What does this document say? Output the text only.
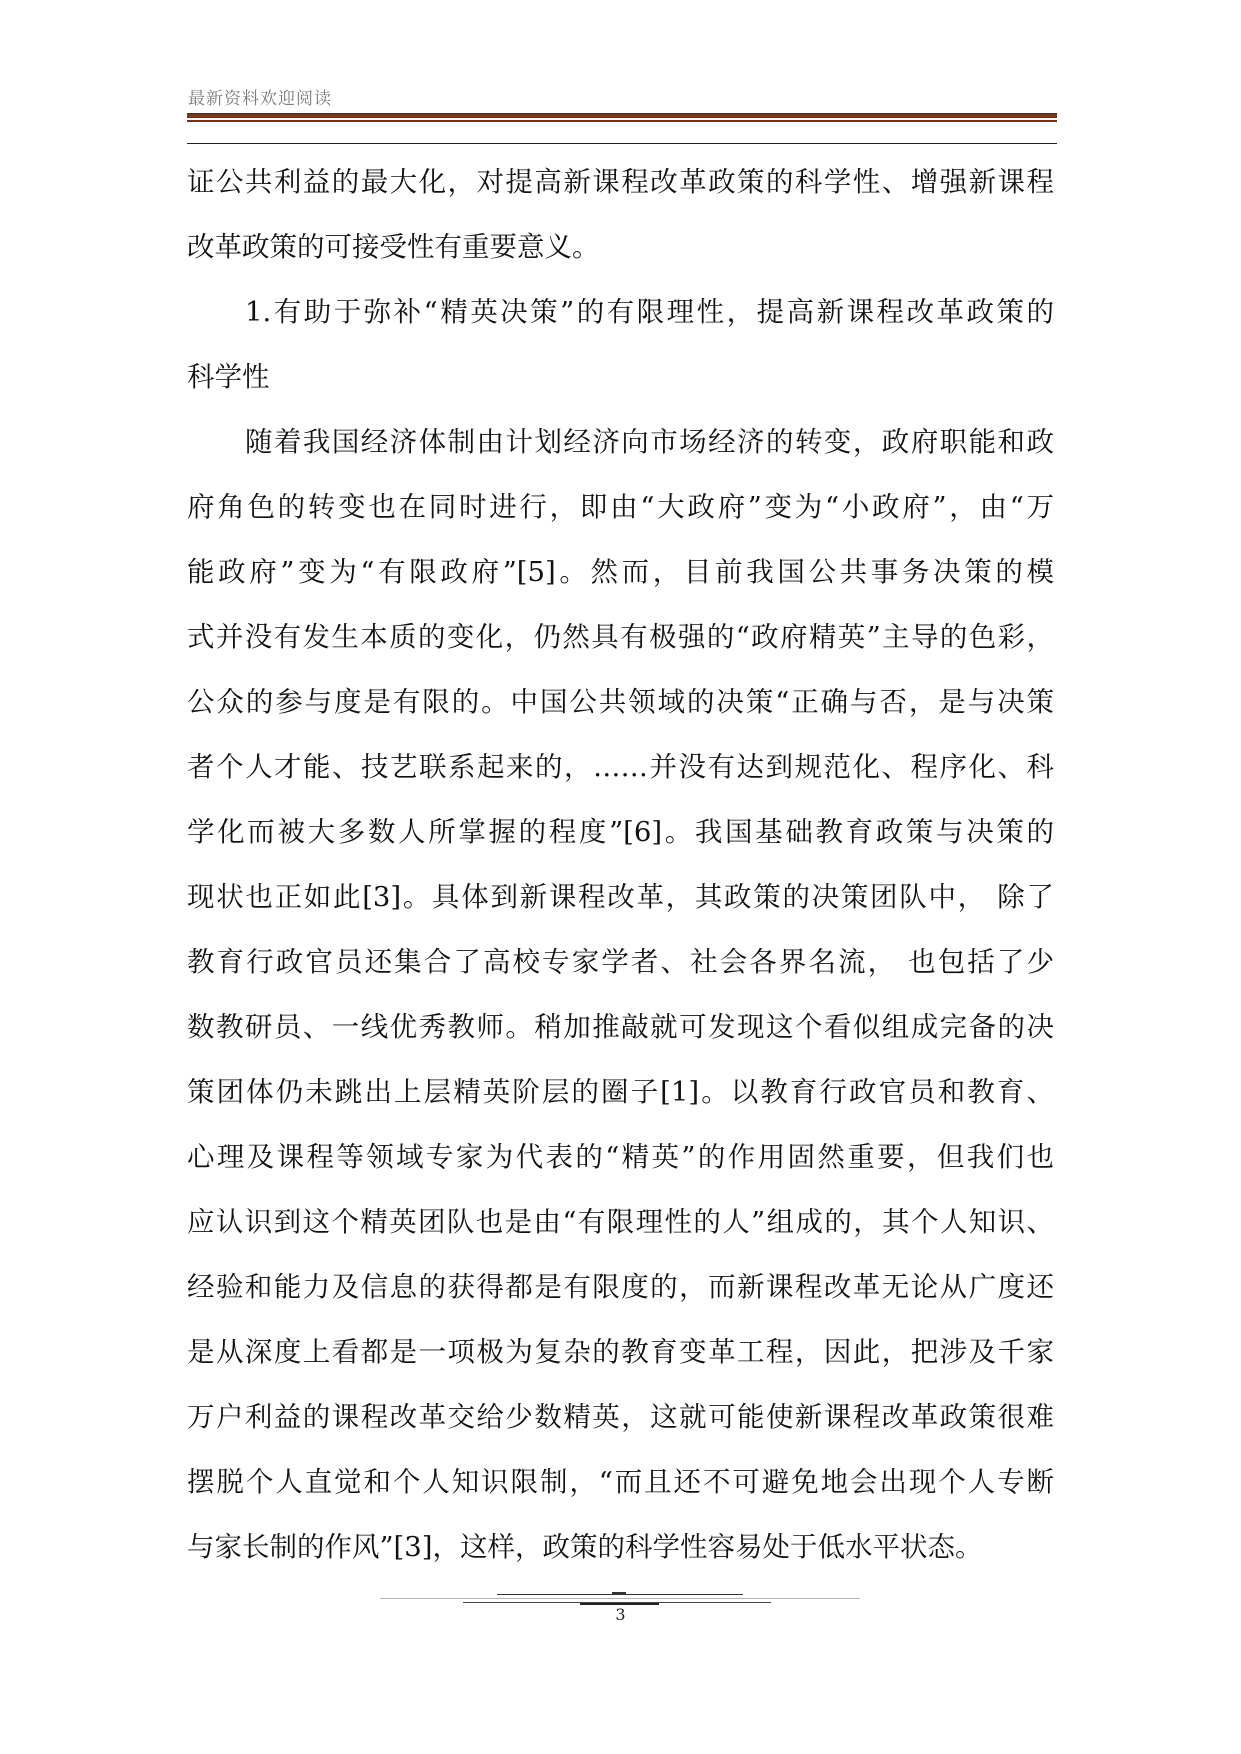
最新资料欢迎阅读
证公共利益的最大化，对提高新课程改革政策的科学性、增强新课程
改革政策的可接受性有重要意义。
1.有助于弥补“精英决策”的有限理性，提高新课程改革政策的
科学性
随着我国经济体制由计划经济向市场经济的转变，政府职能和政
府角色的转变也在同时进行，即由“大政府”变为“小政府”，由“万
能政府”变为“有限政府”[5]。然而，目前我国公共事务决策的模
式并没有发生本质的变化，仍然具有极强的“政府精英”主导的色彩，
公众的参与度是有限的。中国公共领域的决策“正确与否，是与决策
者个人才能、技艺联系起来的，……并没有达到规范化、程序化、科
学化而被大多数人所掌握的程度”[6]。我国基础教育政策与决策的
现状也正如此[3]。具体到新课程改革，其政策的决策团队中， 除了
教育行政官员还集合了高校专家学者、社会各界名流， 也包括了少
数教研员、一线优秀教师。稍加推敲就可发现这个看似组成完备的决
策团体仍未跳出上层精英阶层的圈子[1]。以教育行政官员和教育、
心理及课程等领域专家为代表的“精英”的作用固然重要，但我们也
应认识到这个精英团队也是由“有限理性的人”组成的，其个人知识、
经验和能力及信息的获得都是有限度的，而新课程改革无论从广度还
是从深度上看都是一项极为复杂的教育变革工程，因此，把涉及千家
万户利益的课程改革交给少数精英，这就可能使新课程改革政策很难
摆脱个人直觉和个人知识限制，“而且还不可避免地会出现个人专断
与家长制的作风”[3]，这样，政策的科学性容易处于低水平状态。
3
